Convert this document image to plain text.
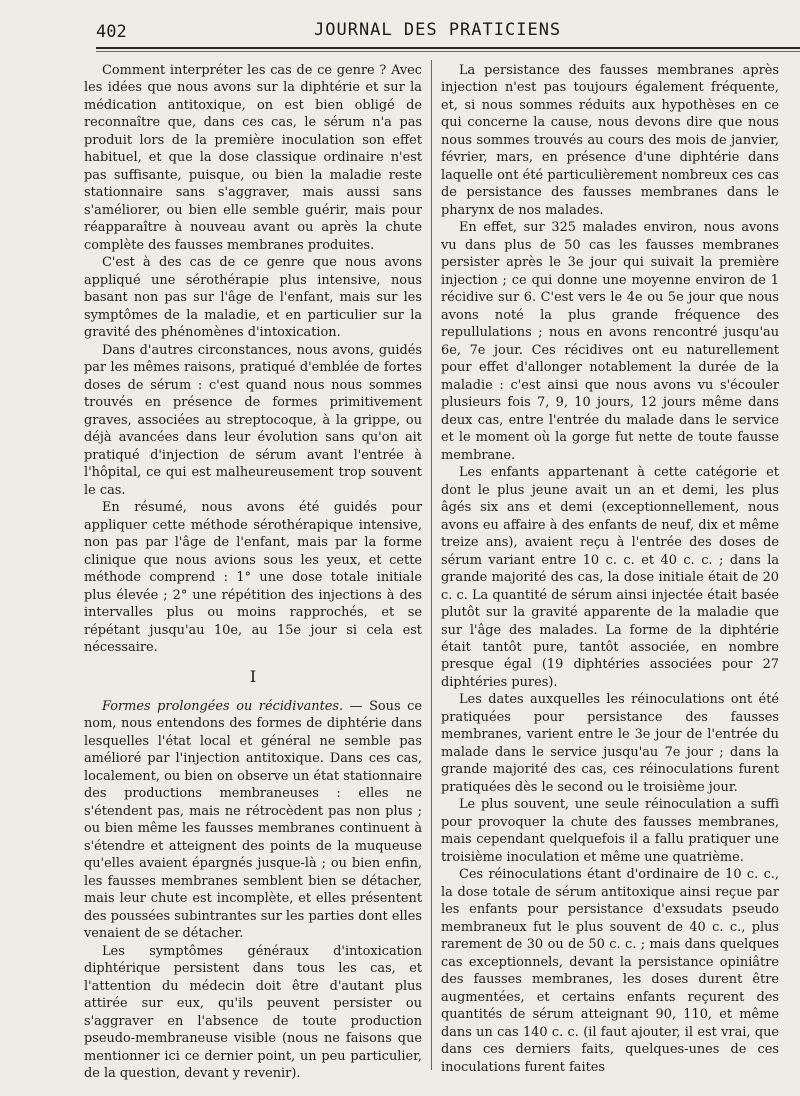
402	JOURNAL DES PRATICIENS

Comment interpréter les cas de ce genre ? Avec les idées que nous avons sur la diphtérie et sur la médication antitoxique, on est bien obligé de reconnaître que, dans ces cas, le sérum n'a pas produit lors de la première inoculation son effet habituel, et que la dose classique ordinaire n'est pas suffisante, puisque, ou bien la maladie reste stationnaire sans s'aggraver, mais aussi sans s'améliorer, ou bien elle semble guérir, mais pour réapparaître à nouveau avant ou après la chute complète des fausses membranes produites.

C'est à des cas de ce genre que nous avons appliqué une sérothérapie plus intensive, nous basant non pas sur l'âge de l'enfant, mais sur les symptômes de la maladie, et en particulier sur la gravité des phénomènes d'intoxication.

Dans d'autres circonstances, nous avons, guidés par les mêmes raisons, pratiqué d'emblée de fortes doses de sérum : c'est quand nous nous sommes trouvés en présence de formes primitivement graves, associées au streptocoque, à la grippe, ou déjà avancées dans leur évolution sans qu'on ait pratiqué d'injection de sérum avant l'entrée à l'hôpital, ce qui est malheureusement trop souvent le cas.

En résumé, nous avons été guidés pour appliquer cette méthode sérothérapique intensive, non pas par l'âge de l'enfant, mais par la forme clinique que nous avions sous les yeux, et cette méthode comprend : 1° une dose totale initiale plus élevée ; 2° une répétition des injections à des intervalles plus ou moins rapprochés, et se répétant jusqu'au 10e, au 15e jour si cela est nécessaire.

I

Formes prolongées ou récidivantes. — Sous ce nom, nous entendons des formes de diphtérie dans lesquelles l'état local et général ne semble pas amélioré par l'injection antitoxique. Dans ces cas, localement, ou bien on observe un état stationnaire des productions membraneuses : elles ne s'étendent pas, mais ne rétrocèdent pas non plus ; ou bien même les fausses membranes continuent à s'étendre et atteignent des points de la muqueuse qu'elles avaient épargnés jusque-là ; ou bien enfin, les fausses membranes semblent bien se détacher, mais leur chute est incomplète, et elles présentent des poussées subintrantes sur les parties dont elles venaient de se détacher.

Les symptômes généraux d'intoxication diphtérique persistent dans tous les cas, et l'attention du médecin doit être d'autant plus attirée sur eux, qu'ils peuvent persister ou s'aggraver en l'absence de toute production pseudo-membraneuse visible (nous ne faisons que mentionner ici ce dernier point, un peu particulier, de la question, devant y revenir).

La persistance des fausses membranes après injection n'est pas toujours également fréquente, et, si nous sommes réduits aux hypothèses en ce qui concerne la cause, nous devons dire que nous nous sommes trouvés au cours des mois de janvier, février, mars, en présence d'une diphtérie dans laquelle ont été particulièrement nombreux ces cas de persistance des fausses membranes dans le pharynx de nos malades.

En effet, sur 325 malades environ, nous avons vu dans plus de 50 cas les fausses membranes persister après le 3e jour qui suivait la première injection ; ce qui donne une moyenne environ de 1 récidive sur 6. C'est vers le 4e ou 5e jour que nous avons noté la plus grande fréquence des repullulations ; nous en avons rencontré jusqu'au 6e, 7e jour. Ces récidives ont eu naturellement pour effet d'allonger notablement la durée de la maladie : c'est ainsi que nous avons vu s'écouler plusieurs fois 7, 9, 10 jours, 12 jours même dans deux cas, entre l'entrée du malade dans le service et le moment où la gorge fut nette de toute fausse membrane.

Les enfants appartenant à cette catégorie et dont le plus jeune avait un an et demi, les plus âgés six ans et demi (exceptionnellement, nous avons eu affaire à des enfants de neuf, dix et même treize ans), avaient reçu à l'entrée des doses de sérum variant entre 10 c. c. et 40 c. c. ; dans la grande majorité des cas, la dose initiale était de 20 c. c. La quantité de sérum ainsi injectée était basée plutôt sur la gravité apparente de la maladie que sur l'âge des malades. La forme de la diphtérie était tantôt pure, tantôt associée, en nombre presque égal (19 diphtéries associées pour 27 diphtéries pures).

Les dates auxquelles les réinoculations ont été pratiquées pour persistance des fausses membranes, varient entre le 3e jour de l'entrée du malade dans le service jusqu'au 7e jour ; dans la grande majorité des cas, ces réinoculations furent pratiquées dès le second ou le troisième jour.

Le plus souvent, une seule réinoculation a suffi pour provoquer la chute des fausses membranes, mais cependant quelquefois il a fallu pratiquer une troisième inoculation et même une quatrième.

Ces réinoculations étant d'ordinaire de 10 c. c., la dose totale de sérum antitoxique ainsi reçue par les enfants pour persistance d'exsudats pseudo membraneux fut le plus souvent de 40 c. c., plus rarement de 30 ou de 50 c. c. ; mais dans quelques cas exceptionnels, devant la persistance opiniâtre des fausses membranes, les doses durent être augmentées, et certains enfants reçurent des quantités de sérum atteignant 90, 110, et même dans un cas 140 c. c. (il faut ajouter, il est vrai, que dans ces derniers faits, quelques-unes de ces inoculations furent faites
